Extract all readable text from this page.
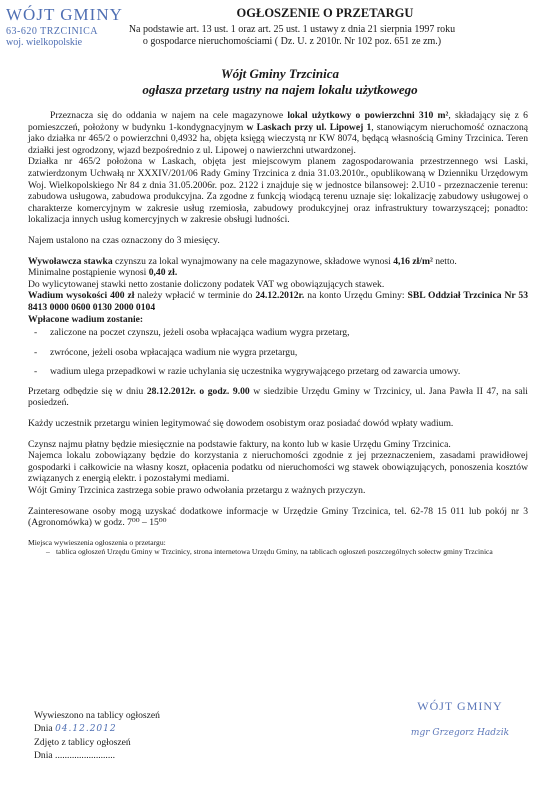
WÓJT GMINY
63-620 TRZCINICA
woj. wielkopolskie
OGŁOSZENIE O PRZETARGU
Na podstawie art. 13 ust. 1 oraz art. 25 ust. 1 ustawy z dnia 21 sierpnia 1997 roku
o gospodarce nieruchomościami ( Dz. U. z 2010r. Nr 102 poz. 651 ze zm.)
Wójt Gminy Trzcinica
ogłasza przetarg ustny na najem lokalu użytkowego

Przeznacza się do oddania w najem na cele magazynowe lokal użytkowy o powierzchni 310 m², składający się z 6 pomieszczeń, położony w budynku 1-kondygnacyjnym w Laskach przy ul. Lipowej 1, stanowiącym nieruchomość oznaczoną jako działka nr 465/2 o powierzchni 0,4932 ha, objęta księgą wieczystą nr KW 8074, będącą własnością Gminy Trzcinica. Teren działki jest ogrodzony, wjazd bezpośrednio z ul. Lipowej o nawierzchni utwardzonej.

Działka nr 465/2 położona w Laskach, objęta jest miejscowym planem zagospodarowania przestrzennego wsi Laski, zatwierdzonym Uchwałą nr XXXIV/201/06 Rady Gminy Trzcinica z dnia 31.03.2010r., opublikowaną w Dzienniku Urzędowym Woj. Wielkopolskiego Nr 84 z dnia 31.05.2006r. poz. 2122 i znajduje się w jednostce bilansowej: 2.U10 - przeznaczenie terenu: zabudowa usługowa, zabudowa produkcyjna. Za zgodne z funkcją wiodącą terenu uznaje się: lokalizację zabudowy usługowej o charakterze komercyjnym w zakresie usług rzemiosła, zabudowy produkcyjnej oraz infrastruktury towarzyszącej; ponadto: lokalizacja innych usług komercyjnych w zakresie obsługi ludności.

Najem ustalono na czas oznaczony do 3 miesięcy.

Wywoławcza stawka czynszu za lokal wynajmowany na cele magazynowe, składowe wynosi 4,16 zł/m² netto.

Minimalne postąpienie wynosi 0,40 zł.

Do wylicytowanej stawki netto zostanie doliczony podatek VAT wg obowiązujących stawek.

Wadium wysokości 400 zł należy wpłacić w terminie do 24.12.2012r. na konto Urzędu Gminy: SBL Oddział Trzcinica Nr 53 8413 0000 0600 0130 2000 0104

Wpłacone wadium zostanie:

- zaliczone na poczet czynszu, jeżeli osoba wpłacająca wadium wygra przetarg,
- zwrócone, jeżeli osoba wpłacająca wadium nie wygra przetargu,
- wadium ulega przepadkowi w razie uchylania się uczestnika wygrywającego przetarg od zawarcia umowy.

Przetarg odbędzie się w dniu 28.12.2012r. o godz. 9.00 w siedzibie Urzędu Gminy w Trzcinicy, ul. Jana Pawła II 47, na sali posiedzeń.

Każdy uczestnik przetargu winien legitymować się dowodem osobistym oraz posiadać dowód wpłaty wadium.

Czynsz najmu płatny będzie miesięcznie na podstawie faktury, na konto lub w kasie Urzędu Gminy Trzcinica.

Najemca lokalu zobowiązany będzie do korzystania z nieruchomości zgodnie z jej przeznaczeniem, zasadami prawidłowej gospodarki i całkowicie na własny koszt, opłacenia podatku od nieruchomości wg stawek obowiązujących, ponoszenia kosztów związanych z energią elektr. i pozostałymi mediami.

Wójt Gminy Trzcinica zastrzega sobie prawo odwołania przetargu z ważnych przyczyn.

Zainteresowane osoby mogą uzyskać dodatkowe informacje w Urzędzie Gminy Trzcinica, tel. 62-78 15 011 lub pokój nr 3 (Agronomówka) w godz. 7⁰⁰ – 15⁰⁰

Miejsca wywieszenia ogłoszenia o przetargu:
– tablica ogłoszeń Urzędu Gminy w Trzcinicy, strona internetowa Urzędu Gminy, na tablicach ogłoszeń poszczególnych sołectw gminy Trzcinica
Wywieszono na tablicy ogłoszeń
Dnia 04.12.2012
Zdjęto z tablicy ogłoszeń
Dnia .........................
WÓJT GMINY
mgr Grzegorz Hadzik
